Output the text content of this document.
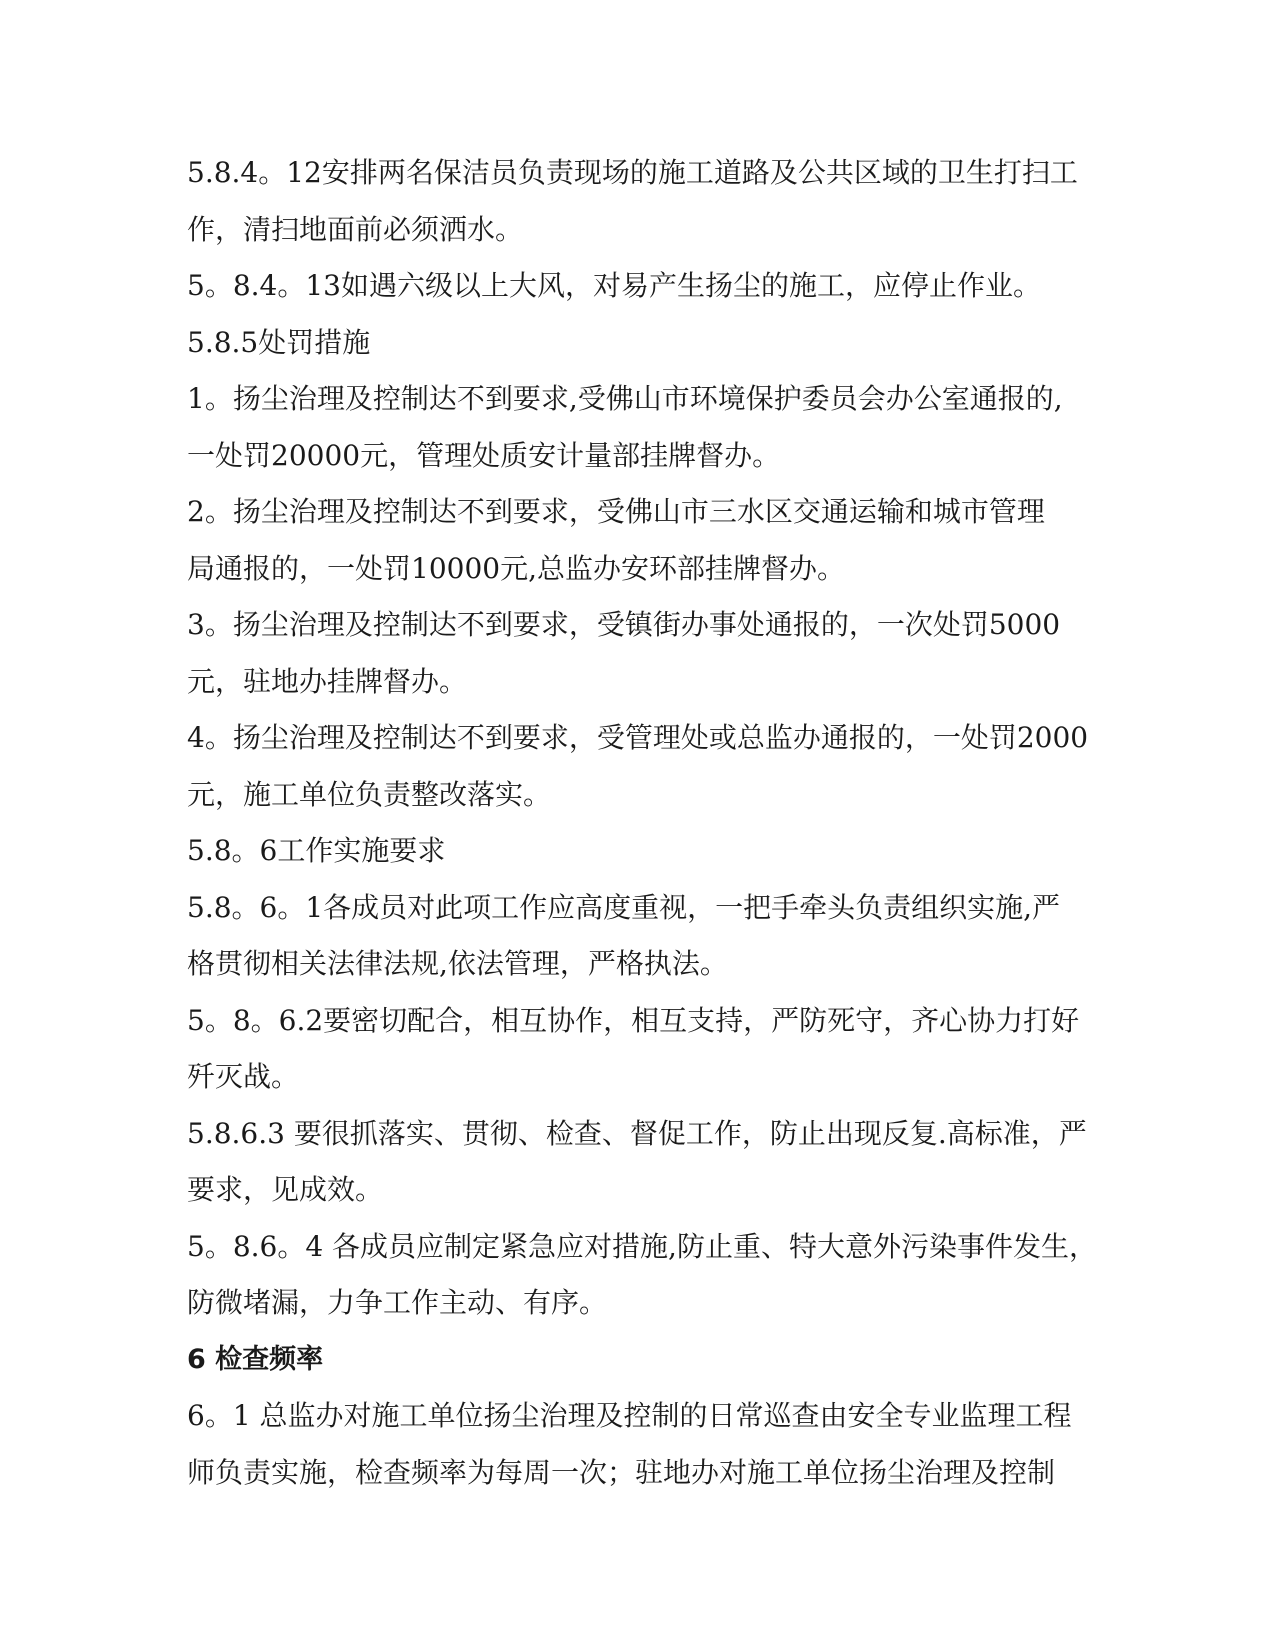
5.8.4。12安排两名保洁员负责现场的施工道路及公共区域的卫生打扫工
作，清扫地面前必须洒水。
5。8.4。13如遇六级以上大风，对易产生扬尘的施工，应停止作业。
5.8.5处罚措施
1。扬尘治理及控制达不到要求,受佛山市环境保护委员会办公室通报的,
一处罚20000元，管理处质安计量部挂牌督办。
2。扬尘治理及控制达不到要求，受佛山市三水区交通运输和城市管理
局通报的，一处罚10000元,总监办安环部挂牌督办。
3。扬尘治理及控制达不到要求，受镇街办事处通报的，一次处罚5000
元，驻地办挂牌督办。
4。扬尘治理及控制达不到要求，受管理处或总监办通报的，一处罚2000
元，施工单位负责整改落实。
5.8。6工作实施要求
5.8。6。1各成员对此项工作应高度重视，一把手牵头负责组织实施,严
格贯彻相关法律法规,依法管理，严格执法。
5。8。6.2要密切配合，相互协作，相互支持，严防死守，齐心协力打好
歼灭战。
5.8.6.3 要很抓落实、贯彻、检查、督促工作，防止出现反复.高标准，严
要求，见成效。
5。8.6。4 各成员应制定紧急应对措施,防止重、特大意外污染事件发生，
防微堵漏，力争工作主动、有序。
6 检查频率
6。1 总监办对施工单位扬尘治理及控制的日常巡查由安全专业监理工程
师负责实施，检查频率为每周一次；驻地办对施工单位扬尘治理及控制
